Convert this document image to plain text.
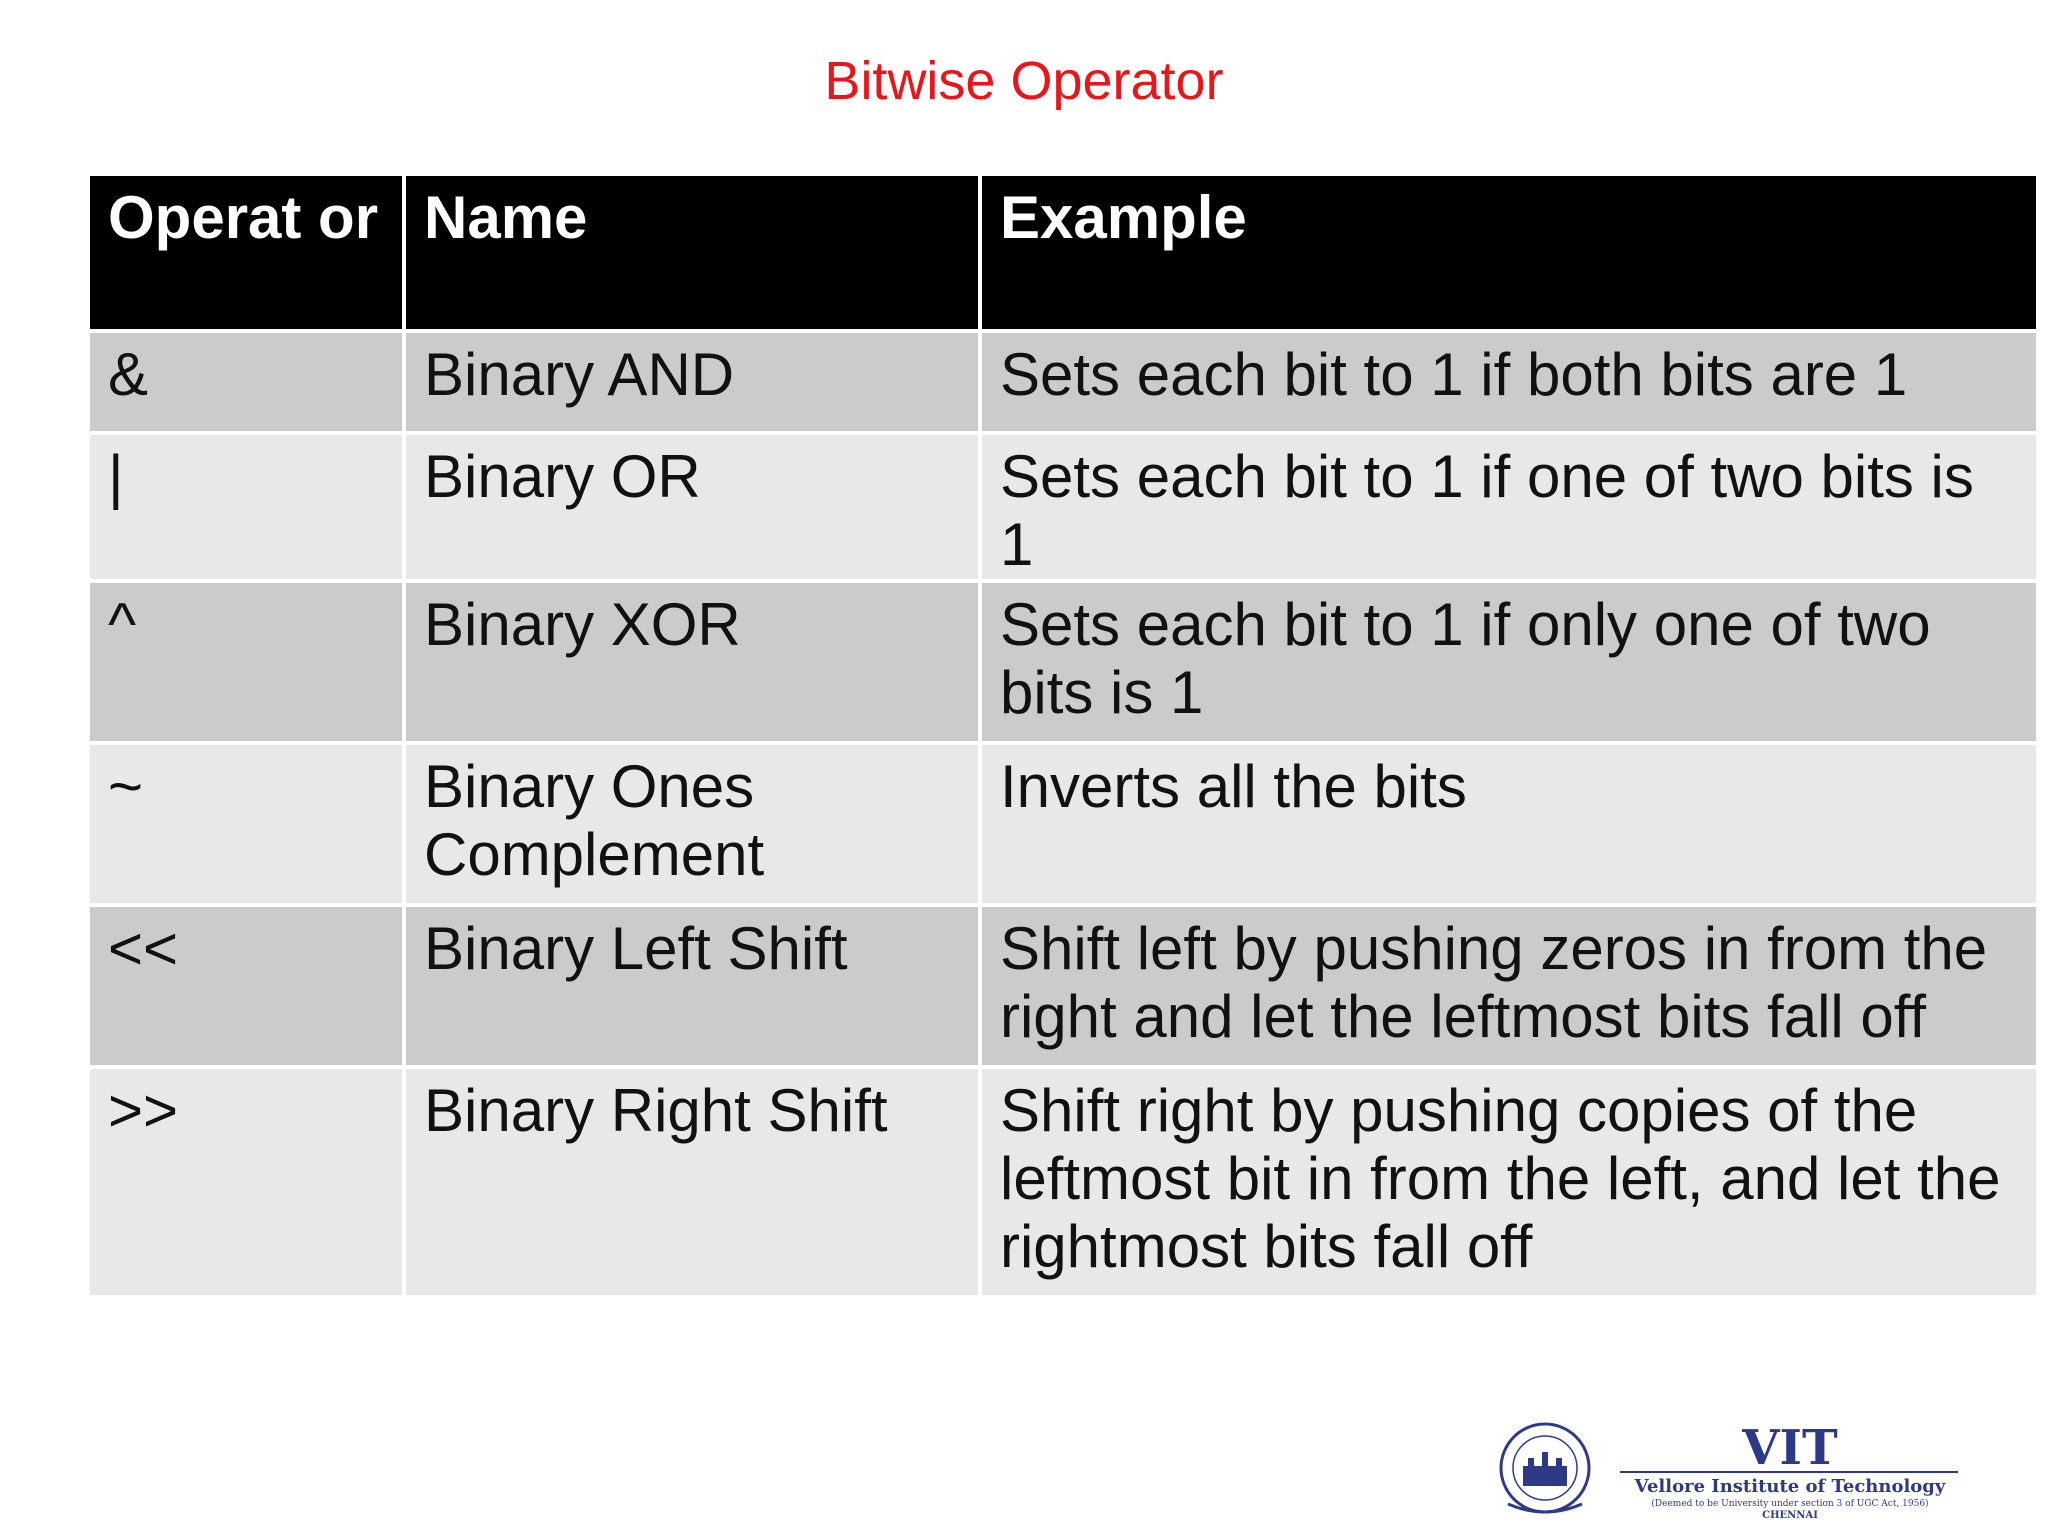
Bitwise Operator
Operat or	Name	Example
&	Binary AND	Sets each bit to 1 if both bits are 1
|	Binary OR	Sets each bit to 1 if one of two bits is 1
^	Binary XOR	Sets each bit to 1 if only one of two bits is 1
~	Binary Ones Complement	Inverts all the bits
<<	Binary Left Shift	Shift left by pushing zeros in from the right and let the leftmost bits fall off
>>	Binary Right Shift	Shift right by pushing copies of the leftmost bit in from the left, and let the rightmost bits fall off
VIT
Vellore Institute of Technology
(Deemed to be University under section 3 of UGC Act, 1956)
CHENNAI
